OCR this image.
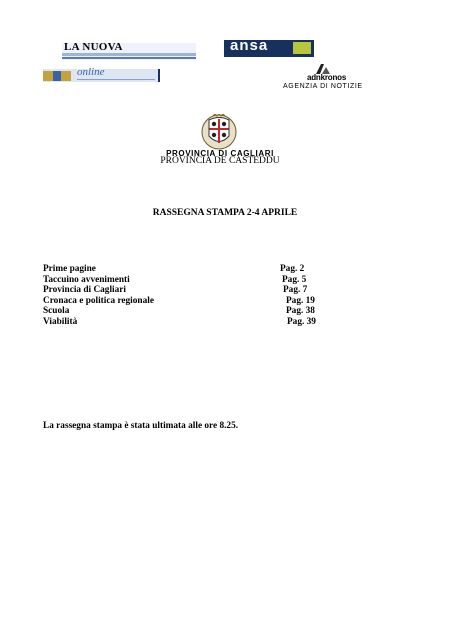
LA NUOVA	ansa
online	adnkronos
AGENZIA DI NOTIZIE
PROVINCIA DI CAGLIARI
PROVINCIA DE CASTEDDU
RASSEGNA STAMPA 2-4 APRILE
Prime pagine	Pag. 2
Taccuino avvenimenti	Pag. 5
Provincia di Cagliari	Pag. 7
Cronaca e politica regionale	Pag. 19
Scuola	Pag. 38
Viabilità	Pag. 39
La rassegna stampa è stata ultimata alle ore 8.25.
